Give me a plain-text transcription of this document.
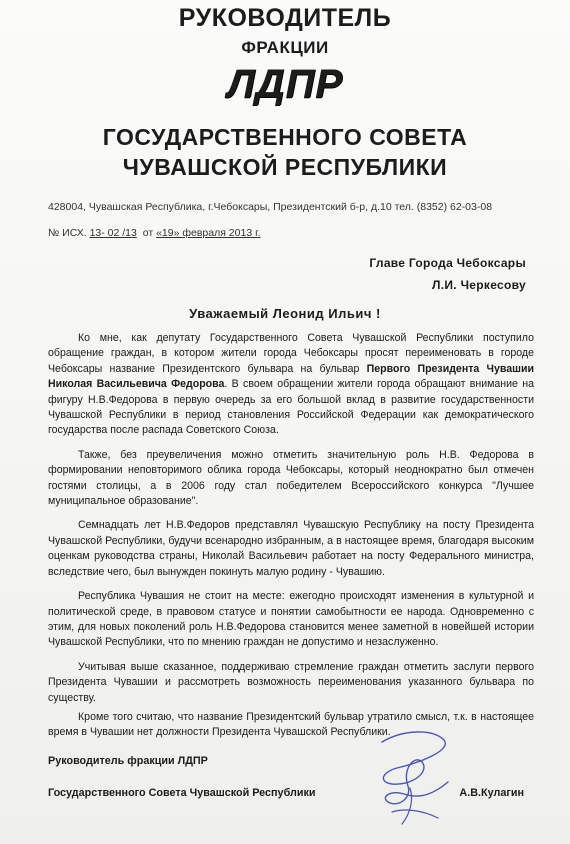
РУКОВОДИТЕЛЬ
ФРАКЦИИ
ЛДПР
ГОСУДАРСТВЕННОГО СОВЕТА
ЧУВАШСКОЙ РЕСПУБЛИКИ
428004, Чувашская Республика, г.Чебоксары, Президентский б-р, д.10 тел. (8352) 62-03-08
№ ИСХ. 13- 02 /13 от «19» февраля 2013 г.
Главе Города Чебоксары
Л.И. Черкесову
Уважаемый Леонид Ильич !

Ко мне, как депутату Государственного Совета Чувашской Республики поступило обращение граждан, в котором жители города Чебоксары просят переименовать в городе Чебоксары название Президентского бульвара на бульвар Первого Президента Чувашии Николая Васильевича Федорова. В своем обращении жители города обращают внимание на фигуру Н.В.Федорова в первую очередь за его большой вклад в развитие государственности Чувашской Республики в период становления Российской Федерации как демократического государства после распада Советского Союза.

Также, без преувеличения можно отметить значительную роль Н.В. Федорова в формировании неповторимого облика города Чебоксары, который неоднократно был отмечен гостями столицы, а в 2006 году стал победителем Всероссийского конкурса "Лучшее муниципальное образование".

Семнадцать лет Н.В.Федоров представлял Чувашскую Республику на посту Президента Чувашской Республики, будучи всенародно избранным, а в настоящее время, благодаря высоким оценкам руководства страны, Николай Васильевич работает на посту Федерального министра, вследствие чего, был вынужден покинуть малую родину - Чувашию.

Республика Чувашия не стоит на месте: ежегодно происходят изменения в культурной и политической среде, в правовом статусе и понятии самобытности ее народа. Одновременно с этим, для новых поколений роль Н.В.Федорова становится менее заметной в новейшей истории Чувашской Республики, что по мнению граждан не допустимо и незаслуженно.

Учитывая выше сказанное, поддерживаю стремление граждан отметить заслуги первого Президента Чувашии и рассмотреть возможность переименования указанного бульвара по существу.

Кроме того считаю, что название Президентский бульвар утратило смысл, т.к. в настоящее время в Чувашии нет должности Президента Чувашской Республики.

Руководитель фракции ЛДПР
Государственного Совета Чувашской Республики	А.В.Кулагин
